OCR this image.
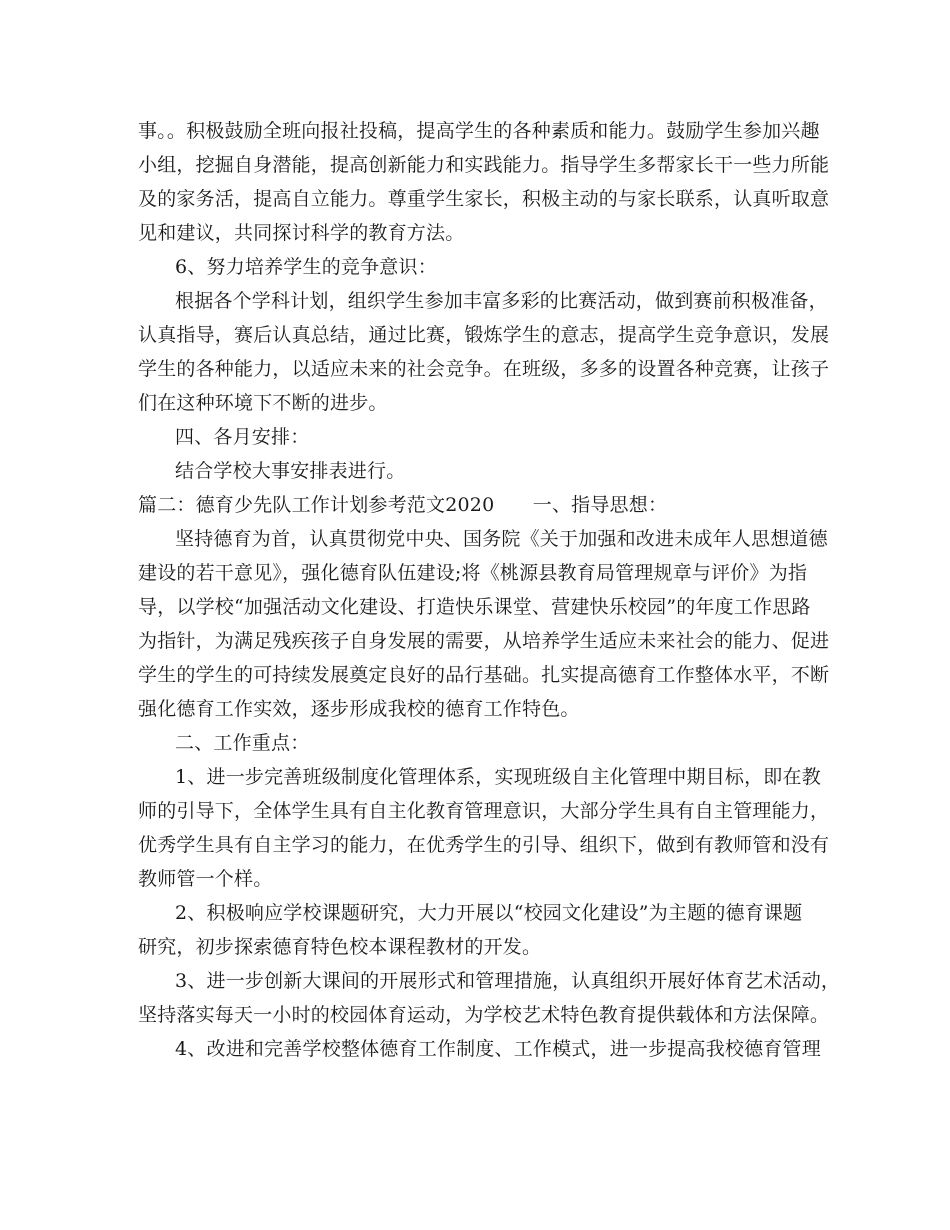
事。。积极鼓励全班向报社投稿，提高学生的各种素质和能力。鼓励学生参加兴趣
小组，挖掘自身潜能，提高创新能力和实践能力。指导学生多帮家长干一些力所能
及的家务活，提高自立能力。尊重学生家长，积极主动的与家长联系，认真听取意
见和建议，共同探讨科学的教育方法。
6、努力培养学生的竞争意识：
根据各个学科计划，组织学生参加丰富多彩的比赛活动，做到赛前积极准备，
认真指导，赛后认真总结，通过比赛，锻炼学生的意志，提高学生竞争意识，发展
学生的各种能力，以适应未来的社会竞争。在班级，多多的设置各种竞赛，让孩子
们在这种环境下不断的进步。
四、各月安排：
结合学校大事安排表进行。
篇二：德育少先队工作计划参考范文2020　　一、指导思想：
坚持德育为首，认真贯彻党中央、国务院《关于加强和改进未成年人思想道德
建设的若干意见》，强化德育队伍建设;将《桃源县教育局管理规章与评价》为指
导，以学校“加强活动文化建设、打造快乐课堂、营建快乐校园”的年度工作思路
为指针，为满足残疾孩子自身发展的需要，从培养学生适应未来社会的能力、促进
学生的学生的可持续发展奠定良好的品行基础。扎实提高德育工作整体水平，不断
强化德育工作实效，逐步形成我校的德育工作特色。
二、工作重点：
1、进一步完善班级制度化管理体系，实现班级自主化管理中期目标，即在教
师的引导下，全体学生具有自主化教育管理意识，大部分学生具有自主管理能力，
优秀学生具有自主学习的能力，在优秀学生的引导、组织下，做到有教师管和没有
教师管一个样。
2、积极响应学校课题研究，大力开展以“校园文化建设”为主题的德育课题
研究，初步探索德育特色校本课程教材的开发。
3、进一步创新大课间的开展形式和管理措施，认真组织开展好体育艺术活动，
坚持落实每天一小时的校园体育运动，为学校艺术特色教育提供载体和方法保障。
4、改进和完善学校整体德育工作制度、工作模式，进一步提高我校德育管理
